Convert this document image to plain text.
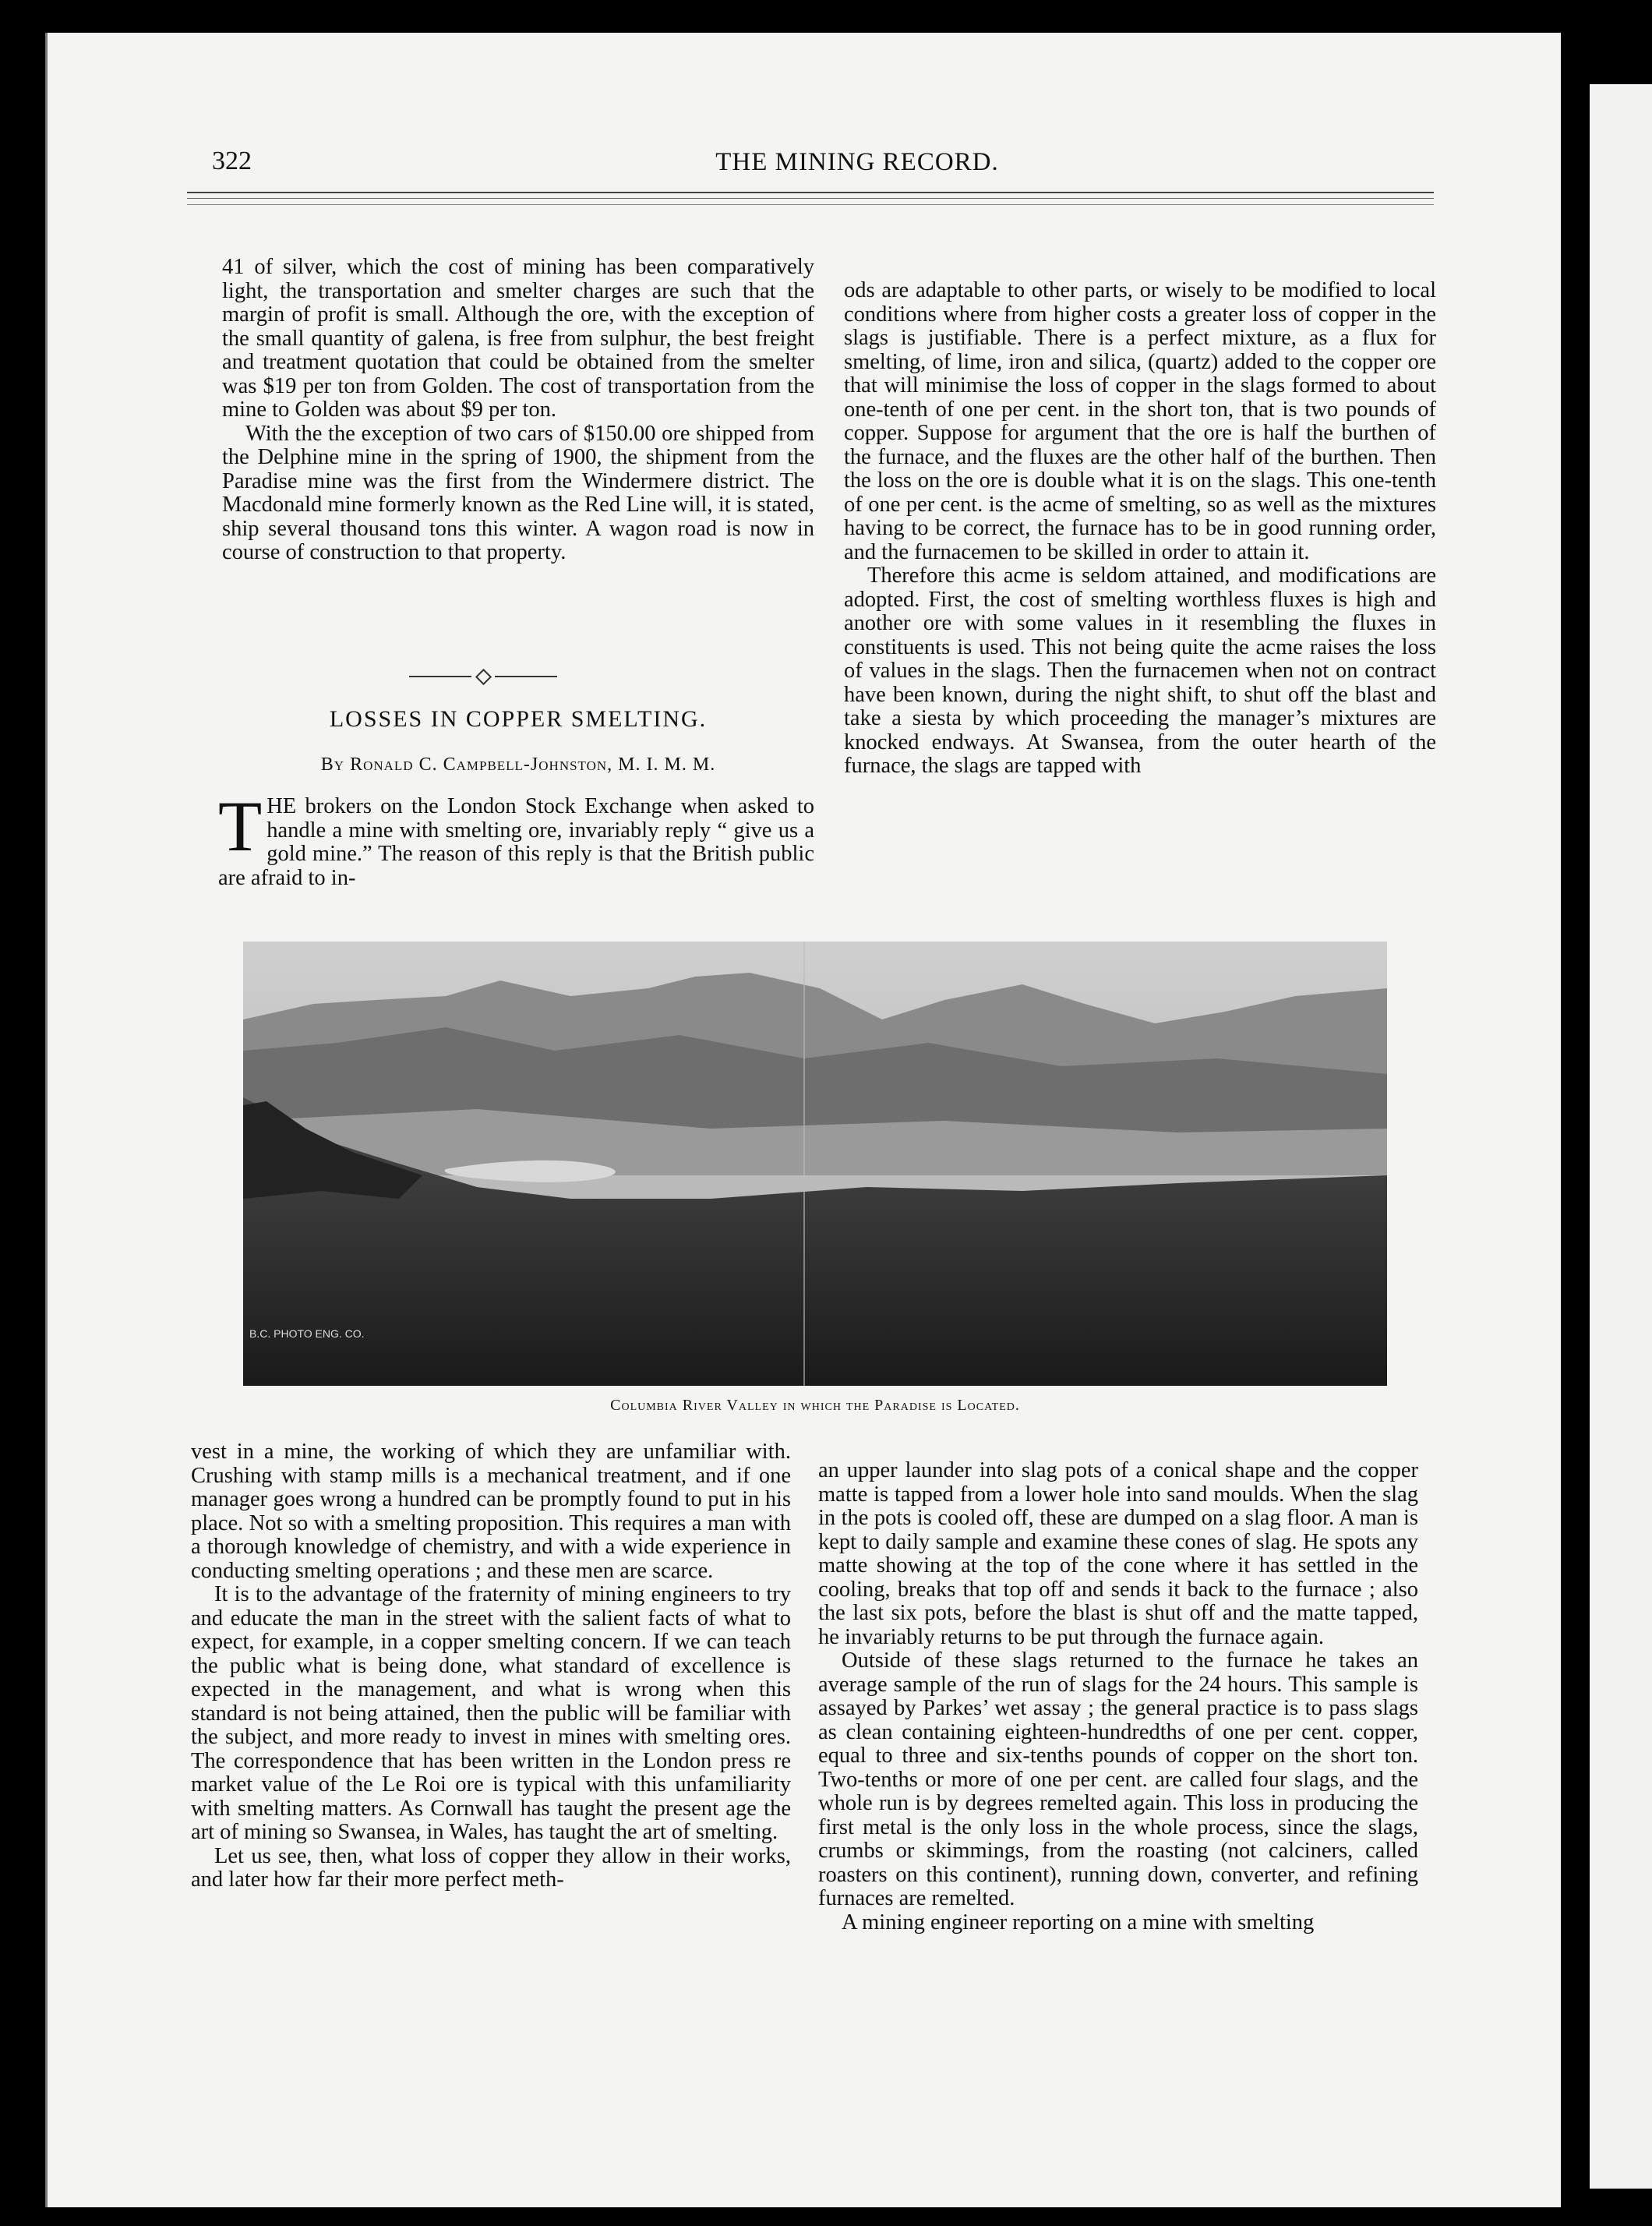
322	THE MINING RECORD.

41 of silver, which the cost of mining has been comparatively light, the transportation and smelter charges are such that the margin of profit is small. Although the ore, with the exception of the small quantity of galena, is free from sulphur, the best freight and treatment quotation that could be obtained from the smelter was $19 per ton from Golden. The cost of transportation from the mine to Golden was about $9 per ton.

With the the exception of two cars of $150.00 ore shipped from the Delphine mine in the spring of 1900, the shipment from the Paradise mine was the first from the Windermere district. The Macdonald mine formerly known as the Red Line will, it is stated, ship several thousand tons this winter. A wagon road is now in course of construction to that property.

LOSSES IN COPPER SMELTING.
By Ronald C. Campbell-Johnston, M. I. M. M.
THE brokers on the London Stock Exchange when asked to handle a mine with smelting ore, invariably reply “ give us a gold mine.” The reason of this reply is that the British public are afraid to in-

ods are adaptable to other parts, or wisely to be modified to local conditions where from higher costs a greater loss of copper in the slags is justifiable. There is a perfect mixture, as a flux for smelting, of lime, iron and silica, (quartz) added to the copper ore that will minimise the loss of copper in the slags formed to about one-tenth of one per cent. in the short ton, that is two pounds of copper. Suppose for argument that the ore is half the burthen of the furnace, and the fluxes are the other half of the burthen. Then the loss on the ore is double what it is on the slags. This one-tenth of one per cent. is the acme of smelting, so as well as the mixtures having to be correct, the furnace has to be in good running order, and the furnacemen to be skilled in order to attain it.

Therefore this acme is seldom attained, and modifications are adopted. First, the cost of smelting worthless fluxes is high and another ore with some values in it resembling the fluxes in constituents is used. This not being quite the acme raises the loss of values in the slags. Then the furnacemen when not on contract have been known, during the night shift, to shut off the blast and take a siesta by which proceeding the manager’s mixtures are knocked endways. At Swansea, from the outer hearth of the furnace, the slags are tapped with

B.C. PHOTO ENG. CO.
Columbia River Valley in which the Paradise is Located.

vest in a mine, the working of which they are unfamiliar with. Crushing with stamp mills is a mechanical treatment, and if one manager goes wrong a hundred can be promptly found to put in his place. Not so with a smelting proposition. This requires a man with a thorough knowledge of chemistry, and with a wide experience in conducting smelting operations ; and these men are scarce.

It is to the advantage of the fraternity of mining engineers to try and educate the man in the street with the salient facts of what to expect, for example, in a copper smelting concern. If we can teach the public what is being done, what standard of excellence is expected in the management, and what is wrong when this standard is not being attained, then the public will be familiar with the subject, and more ready to invest in mines with smelting ores. The correspondence that has been written in the London press re market value of the Le Roi ore is typical with this unfamiliarity with smelting matters. As Cornwall has taught the present age the art of mining so Swansea, in Wales, has taught the art of smelting.

Let us see, then, what loss of copper they allow in their works, and later how far their more perfect meth-

an upper launder into slag pots of a conical shape and the copper matte is tapped from a lower hole into sand moulds. When the slag in the pots is cooled off, these are dumped on a slag floor. A man is kept to daily sample and examine these cones of slag. He spots any matte showing at the top of the cone where it has settled in the cooling, breaks that top off and sends it back to the furnace ; also the last six pots, before the blast is shut off and the matte tapped, he invariably returns to be put through the furnace again.

Outside of these slags returned to the furnace he takes an average sample of the run of slags for the 24 hours. This sample is assayed by Parkes’ wet assay ; the general practice is to pass slags as clean containing eighteen-hundredths of one per cent. copper, equal to three and six-tenths pounds of copper on the short ton. Two-tenths or more of one per cent. are called four slags, and the whole run is by degrees remelted again. This loss in producing the first metal is the only loss in the whole process, since the slags, crumbs or skimmings, from the roasting (not calciners, called roasters on this continent), running down, converter, and refining furnaces are remelted.

A mining engineer reporting on a mine with smelting
